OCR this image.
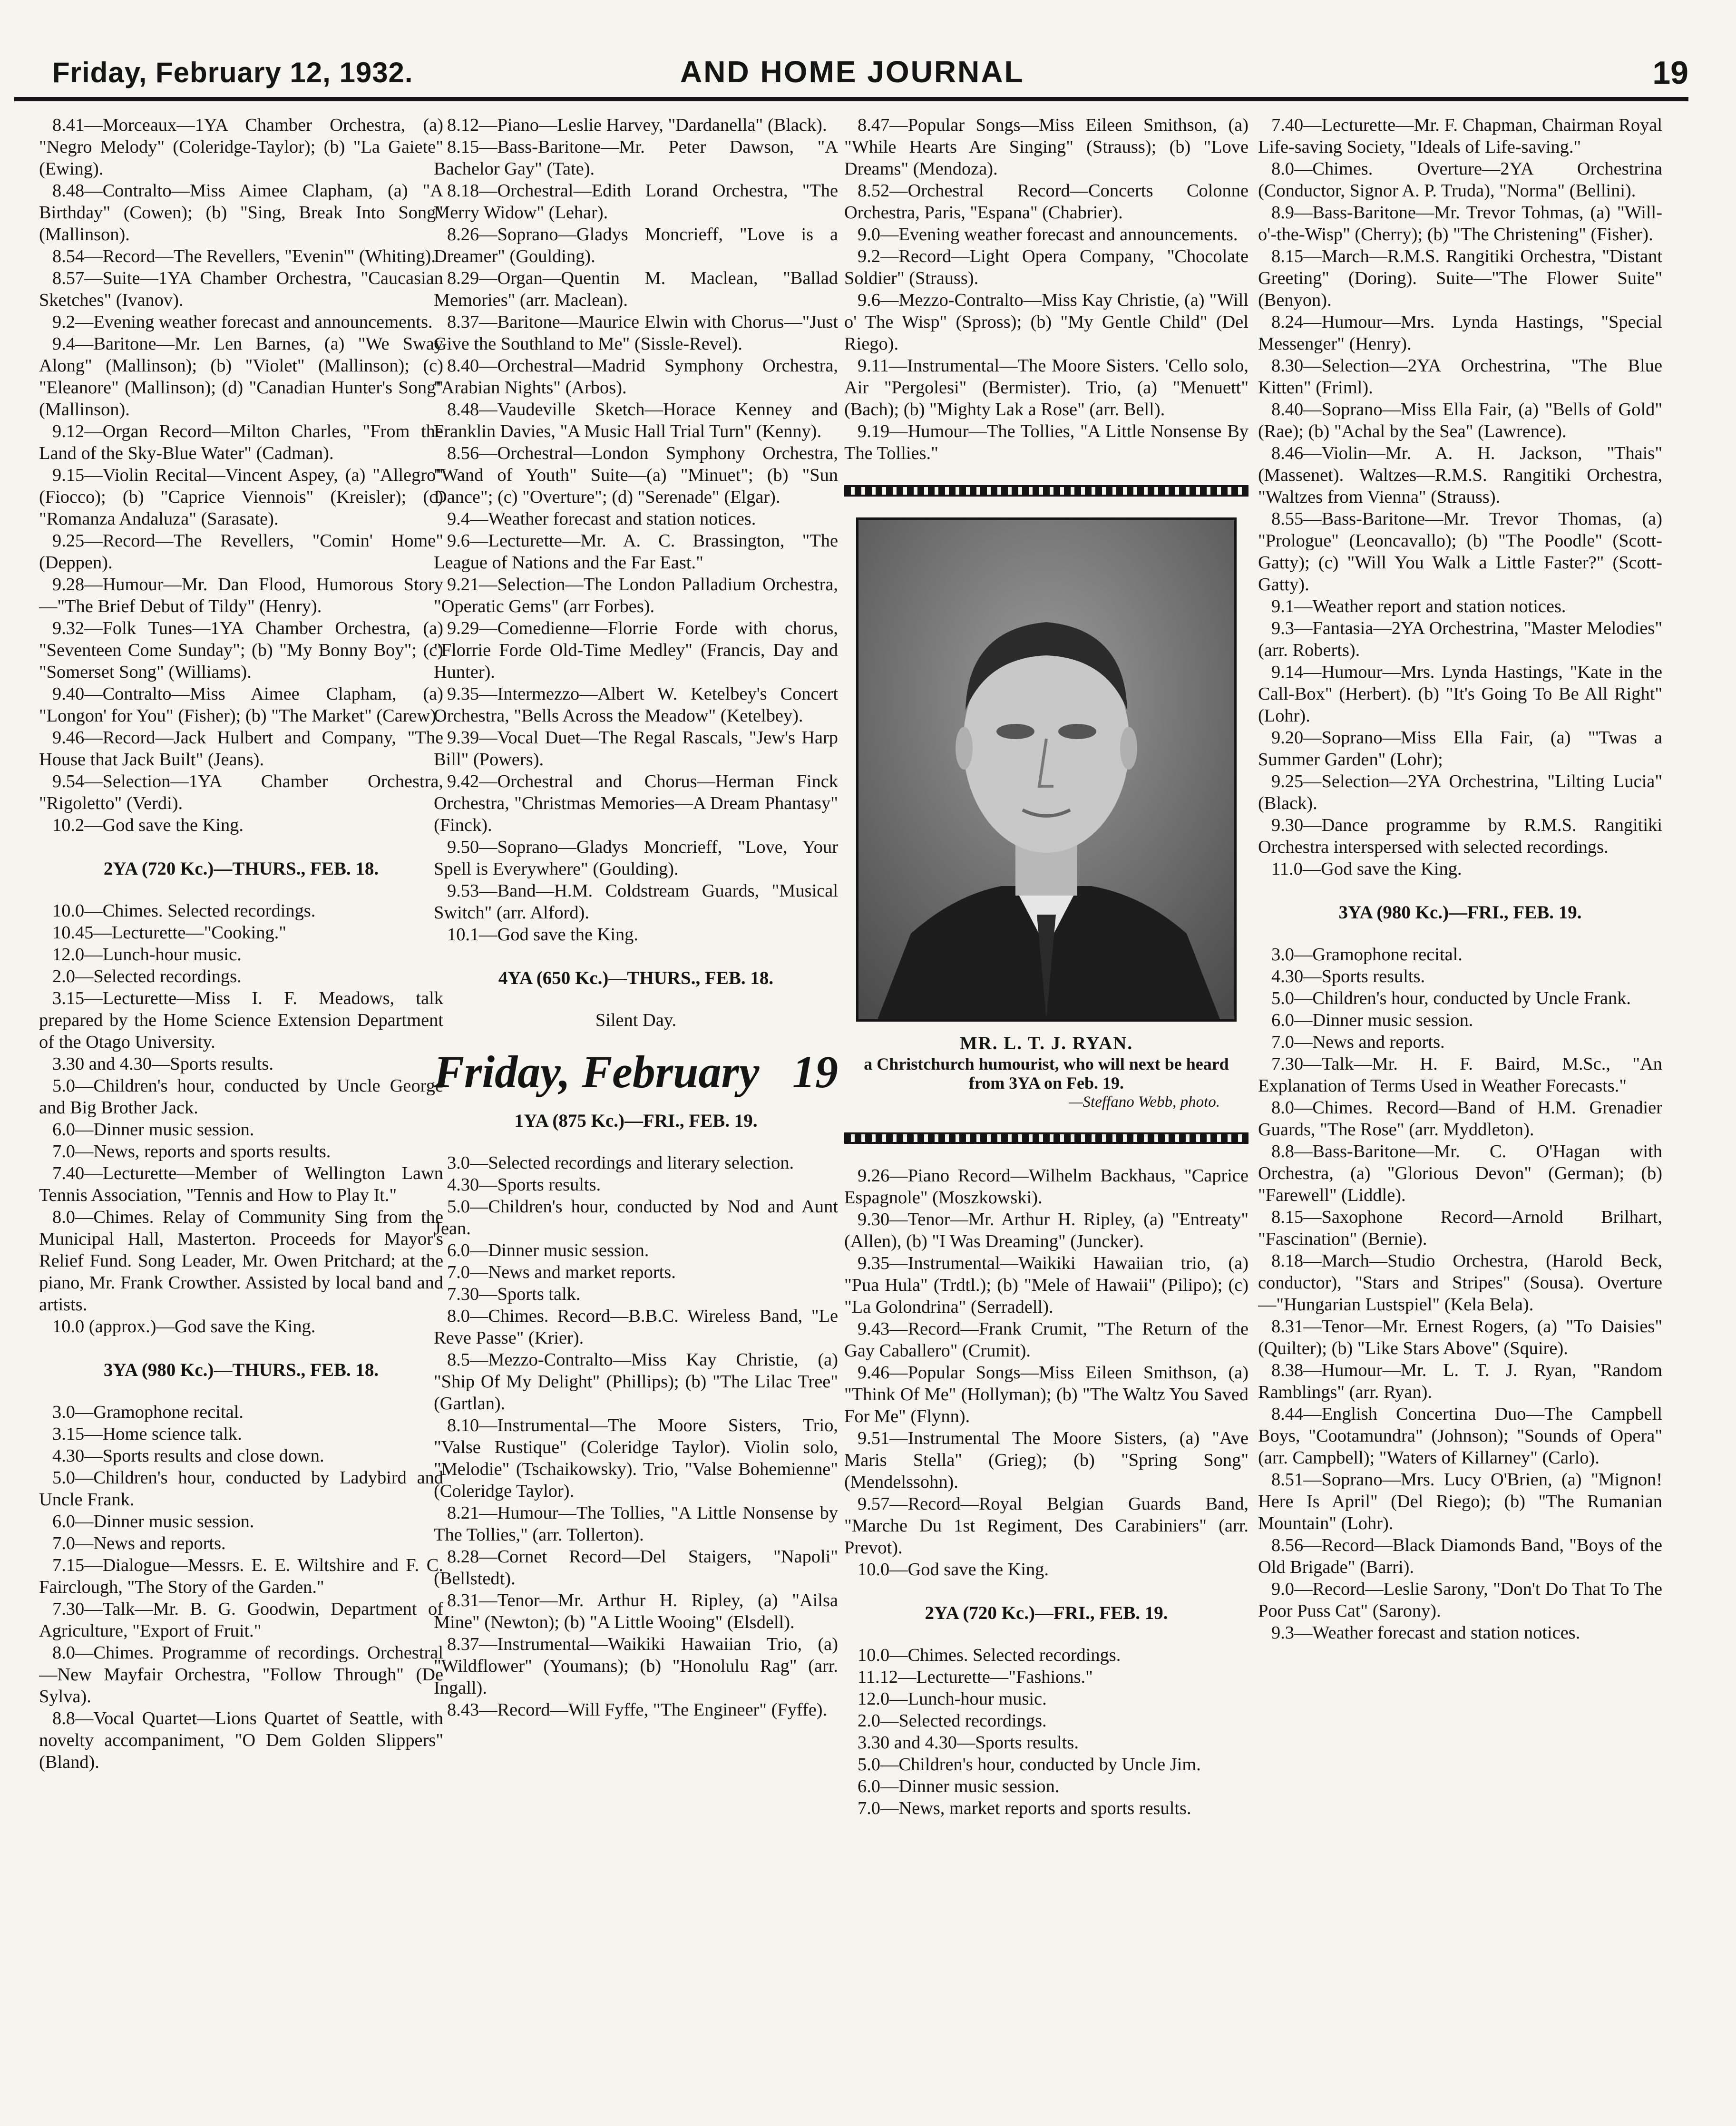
Friday, February 12, 1932.	AND HOME JOURNAL	19

8.41—Morceaux—1YA Chamber Orchestra, (a) "Negro Melody" (Coleridge-Taylor); (b) "La Gaiete" (Ewing).

8.48—Contralto—Miss Aimee Clapham, (a) "A Birthday" (Cowen); (b) "Sing, Break Into Song" (Mallinson).

8.54—Record—The Revellers, "Evenin'" (Whiting).

8.57—Suite—1YA Chamber Orchestra, "Caucasian Sketches" (Ivanov).

9.2—Evening weather forecast and announcements.

9.4—Baritone—Mr. Len Barnes, (a) "We Sway Along" (Mallinson); (b) "Violet" (Mallinson); (c) "Eleanore" (Mallinson); (d) "Canadian Hunter's Song" (Mallinson).

9.12—Organ Record—Milton Charles, "From the Land of the Sky-Blue Water" (Cadman).

9.15—Violin Recital—Vincent Aspey, (a) "Allegro" (Fiocco); (b) "Caprice Viennois" (Kreisler); (c) "Romanza Andaluza" (Sarasate).

9.25—Record—The Revellers, "Comin' Home" (Deppen).

9.28—Humour—Mr. Dan Flood, Humorous Story—"The Brief Debut of Tildy" (Henry).

9.32—Folk Tunes—1YA Chamber Orchestra, (a) "Seventeen Come Sunday"; (b) "My Bonny Boy"; (c) "Somerset Song" (Williams).

9.40—Contralto—Miss Aimee Clapham, (a) "Longon' for You" (Fisher); (b) "The Market" (Carew).

9.46—Record—Jack Hulbert and Company, "The House that Jack Built" (Jeans).

9.54—Selection—1YA Chamber Orchestra, "Rigoletto" (Verdi).

10.2—God save the King.

2YA (720 Kc.)—THURS., FEB. 18.

10.0—Chimes. Selected recordings.

10.45—Lecturette—"Cooking."

12.0—Lunch-hour music.

2.0—Selected recordings.

3.15—Lecturette—Miss I. F. Meadows, talk prepared by the Home Science Extension Department of the Otago University.

3.30 and 4.30—Sports results.

5.0—Children's hour, conducted by Uncle George and Big Brother Jack.

6.0—Dinner music session.

7.0—News, reports and sports results.

7.40—Lecturette—Member of Wellington Lawn Tennis Association, "Tennis and How to Play It."

8.0—Chimes. Relay of Community Sing from the Municipal Hall, Masterton. Proceeds for Mayor's Relief Fund. Song Leader, Mr. Owen Pritchard; at the piano, Mr. Frank Crowther. Assisted by local band and artists.

10.0 (approx.)—God save the King.

3YA (980 Kc.)—THURS., FEB. 18.

3.0—Gramophone recital.

3.15—Home science talk.

4.30—Sports results and close down.

5.0—Children's hour, conducted by Ladybird and Uncle Frank.

6.0—Dinner music session.

7.0—News and reports.

7.15—Dialogue—Messrs. E. E. Wiltshire and F. C. Fairclough, "The Story of the Garden."

7.30—Talk—Mr. B. G. Goodwin, Department of Agriculture, "Export of Fruit."

8.0—Chimes. Programme of recordings. Orchestral—New Mayfair Orchestra, "Follow Through" (De Sylva).

8.8—Vocal Quartet—Lions Quartet of Seattle, with novelty accompaniment, "O Dem Golden Slippers" (Bland).

8.12—Piano—Leslie Harvey, "Dardanella" (Black).

8.15—Bass-Baritone—Mr. Peter Dawson, "A Bachelor Gay" (Tate).

8.18—Orchestral—Edith Lorand Orchestra, "The Merry Widow" (Lehar).

8.26—Soprano—Gladys Moncrieff, "Love is a Dreamer" (Goulding).

8.29—Organ—Quentin M. Maclean, "Ballad Memories" (arr. Maclean).

8.37—Baritone—Maurice Elwin with Chorus—"Just Give the Southland to Me" (Sissle-Revel).

8.40—Orchestral—Madrid Symphony Orchestra, "Arabian Nights" (Arbos).

8.48—Vaudeville Sketch—Horace Kenney and Franklin Davies, "A Music Hall Trial Turn" (Kenny).

8.56—Orchestral—London Symphony Orchestra, "Wand of Youth" Suite—(a) "Minuet"; (b) "Sun Dance"; (c) "Overture"; (d) "Serenade" (Elgar).

9.4—Weather forecast and station notices.

9.6—Lecturette—Mr. A. C. Brassington, "The League of Nations and the Far East."

9.21—Selection—The London Palladium Orchestra, "Operatic Gems" (arr Forbes).

9.29—Comedienne—Florrie Forde with chorus, "Florrie Forde Old-Time Medley" (Francis, Day and Hunter).

9.35—Intermezzo—Albert W. Ketelbey's Concert Orchestra, "Bells Across the Meadow" (Ketelbey).

9.39—Vocal Duet—The Regal Rascals, "Jew's Harp Bill" (Powers).

9.42—Orchestral and Chorus—Herman Finck Orchestra, "Christmas Memories—A Dream Phantasy" (Finck).

9.50—Soprano—Gladys Moncrieff, "Love, Your Spell is Everywhere" (Goulding).

9.53—Band—H.M. Coldstream Guards, "Musical Switch" (arr. Alford).

10.1—God save the King.

4YA (650 Kc.)—THURS., FEB. 18.

Silent Day.

Friday, February 19

1YA (875 Kc.)—FRI., FEB. 19.

3.0—Selected recordings and literary selection.

4.30—Sports results.

5.0—Children's hour, conducted by Nod and Aunt Jean.

6.0—Dinner music session.

7.0—News and market reports.

7.30—Sports talk.

8.0—Chimes. Record—B.B.C. Wireless Band, "Le Reve Passe" (Krier).

8.5—Mezzo-Contralto—Miss Kay Christie, (a) "Ship Of My Delight" (Phillips); (b) "The Lilac Tree" (Gartlan).

8.10—Instrumental—The Moore Sisters, Trio, "Valse Rustique" (Coleridge Taylor). Violin solo, "Melodie" (Tschaikowsky). Trio, "Valse Bohemienne" (Coleridge Taylor).

8.21—Humour—The Tollies, "A Little Nonsense by The Tollies," (arr. Tollerton).

8.28—Cornet Record—Del Staigers, "Napoli" (Bellstedt).

8.31—Tenor—Mr. Arthur H. Ripley, (a) "Ailsa Mine" (Newton); (b) "A Little Wooing" (Elsdell).

8.37—Instrumental—Waikiki Hawaiian Trio, (a) "Wildflower" (Youmans); (b) "Honolulu Rag" (arr. Ingall).

8.43—Record—Will Fyffe, "The Engineer" (Fyffe).

8.47—Popular Songs—Miss Eileen Smithson, (a) "While Hearts Are Singing" (Strauss); (b) "Love Dreams" (Mendoza).

8.52—Orchestral Record—Concerts Colonne Orchestra, Paris, "Espana" (Chabrier).

9.0—Evening weather forecast and announcements.

9.2—Record—Light Opera Company, "Chocolate Soldier" (Strauss).

9.6—Mezzo-Contralto—Miss Kay Christie, (a) "Will o' The Wisp" (Spross); (b) "My Gentle Child" (Del Riego).

9.11—Instrumental—The Moore Sisters. 'Cello solo, Air "Pergolesi" (Bermister). Trio, (a) "Menuett" (Bach); (b) "Mighty Lak a Rose" (arr. Bell).

9.19—Humour—The Tollies, "A Little Nonsense By The Tollies."

MR. L. T. J. RYAN.
a Christchurch humourist, who will next be heard from 3YA on Feb. 19.
—Steffano Webb, photo.

9.26—Piano Record—Wilhelm Backhaus, "Caprice Espagnole" (Moszkowski).

9.30—Tenor—Mr. Arthur H. Ripley, (a) "Entreaty" (Allen), (b) "I Was Dreaming" (Juncker).

9.35—Instrumental—Waikiki Hawaiian trio, (a) "Pua Hula" (Trdtl.); (b) "Mele of Hawaii" (Pilipo); (c) "La Golondrina" (Serradell).

9.43—Record—Frank Crumit, "The Return of the Gay Caballero" (Crumit).

9.46—Popular Songs—Miss Eileen Smithson, (a) "Think Of Me" (Hollyman); (b) "The Waltz You Saved For Me" (Flynn).

9.51—Instrumental The Moore Sisters, (a) "Ave Maris Stella" (Grieg); (b) "Spring Song" (Mendelssohn).

9.57—Record—Royal Belgian Guards Band, "Marche Du 1st Regiment, Des Carabiniers" (arr. Prevot).

10.0—God save the King.

2YA (720 Kc.)—FRI., FEB. 19.

10.0—Chimes. Selected recordings.

11.12—Lecturette—"Fashions."

12.0—Lunch-hour music.

2.0—Selected recordings.

3.30 and 4.30—Sports results.

5.0—Children's hour, conducted by Uncle Jim.

6.0—Dinner music session.

7.0—News, market reports and sports results.

7.40—Lecturette—Mr. F. Chapman, Chairman Royal Life-saving Society, "Ideals of Life-saving."

8.0—Chimes. Overture—2YA Orchestrina (Conductor, Signor A. P. Truda), "Norma" (Bellini).

8.9—Bass-Baritone—Mr. Trevor Tohmas, (a) "Will-o'-the-Wisp" (Cherry); (b) "The Christening" (Fisher).

8.15—March—R.M.S. Rangitiki Orchestra, "Distant Greeting" (Doring). Suite—"The Flower Suite" (Benyon).

8.24—Humour—Mrs. Lynda Hastings, "Special Messenger" (Henry).

8.30—Selection—2YA Orchestrina, "The Blue Kitten" (Friml).

8.40—Soprano—Miss Ella Fair, (a) "Bells of Gold" (Rae); (b) "Achal by the Sea" (Lawrence).

8.46—Violin—Mr. A. H. Jackson, "Thais" (Massenet). Waltzes—R.M.S. Rangitiki Orchestra, "Waltzes from Vienna" (Strauss).

8.55—Bass-Baritone—Mr. Trevor Thomas, (a) "Prologue" (Leoncavallo); (b) "The Poodle" (Scott-Gatty); (c) "Will You Walk a Little Faster?" (Scott-Gatty).

9.1—Weather report and station notices.

9.3—Fantasia—2YA Orchestrina, "Master Melodies" (arr. Roberts).

9.14—Humour—Mrs. Lynda Hastings, "Kate in the Call-Box" (Herbert). (b) "It's Going To Be All Right" (Lohr).

9.20—Soprano—Miss Ella Fair, (a) "'Twas a Summer Garden" (Lohr);

9.25—Selection—2YA Orchestrina, "Lilting Lucia" (Black).

9.30—Dance programme by R.M.S. Rangitiki Orchestra interspersed with selected recordings.

11.0—God save the King.

3YA (980 Kc.)—FRI., FEB. 19.

3.0—Gramophone recital.

4.30—Sports results.

5.0—Children's hour, conducted by Uncle Frank.

6.0—Dinner music session.

7.0—News and reports.

7.30—Talk—Mr. H. F. Baird, M.Sc., "An Explanation of Terms Used in Weather Forecasts."

8.0—Chimes. Record—Band of H.M. Grenadier Guards, "The Rose" (arr. Myddleton).

8.8—Bass-Baritone—Mr. C. O'Hagan with Orchestra, (a) "Glorious Devon" (German); (b) "Farewell" (Liddle).

8.15—Saxophone Record—Arnold Brilhart, "Fascination" (Bernie).

8.18—March—Studio Orchestra, (Harold Beck, conductor), "Stars and Stripes" (Sousa). Overture—"Hungarian Lustspiel" (Kela Bela).

8.31—Tenor—Mr. Ernest Rogers, (a) "To Daisies" (Quilter); (b) "Like Stars Above" (Squire).

8.38—Humour—Mr. L. T. J. Ryan, "Random Ramblings" (arr. Ryan).

8.44—English Concertina Duo—The Campbell Boys, "Cootamundra" (Johnson); "Sounds of Opera" (arr. Campbell); "Waters of Killarney" (Carlo).

8.51—Soprano—Mrs. Lucy O'Brien, (a) "Mignon! Here Is April" (Del Riego); (b) "The Rumanian Mountain" (Lohr).

8.56—Record—Black Diamonds Band, "Boys of the Old Brigade" (Barri).

9.0—Record—Leslie Sarony, "Don't Do That To The Poor Puss Cat" (Sarony).

9.3—Weather forecast and station notices.
